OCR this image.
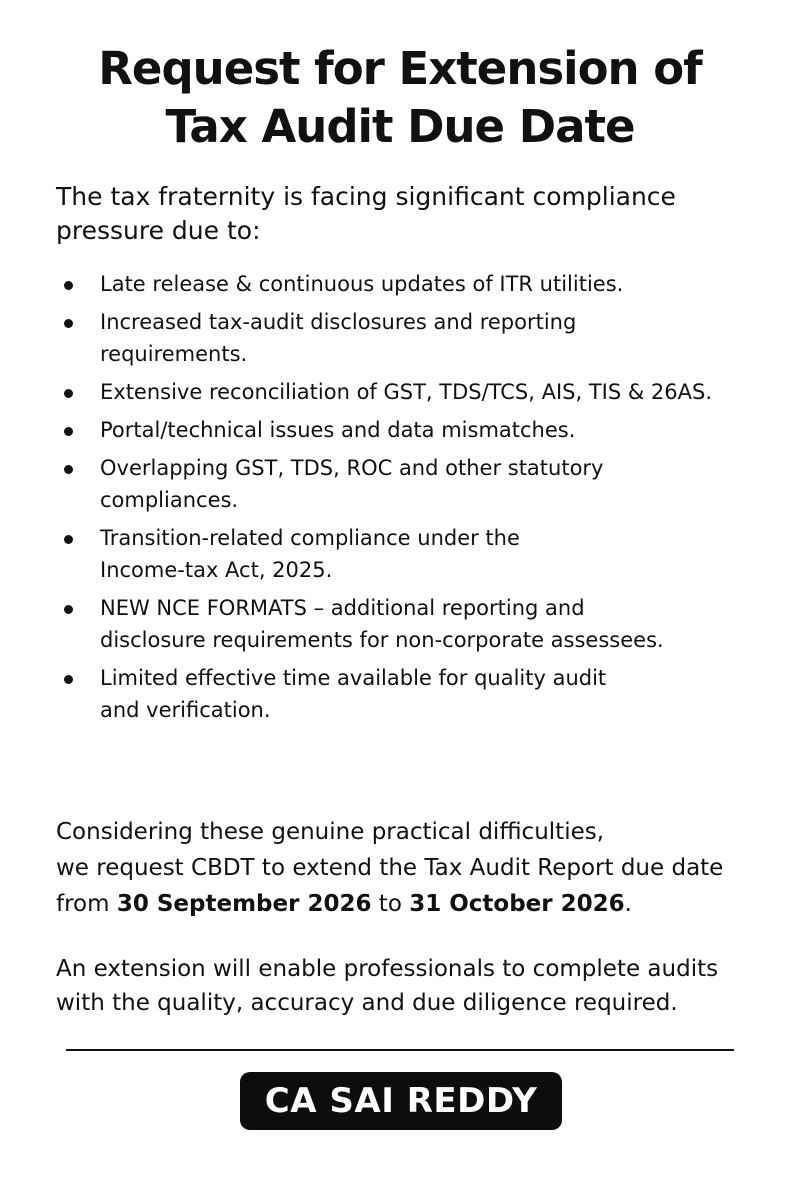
Request for Extension of
Tax Audit Due Date

The tax fraternity is facing significant compliance
pressure due to:

Late release & continuous updates of ITR utilities.
Increased tax-audit disclosures and reporting
requirements.
Extensive reconciliation of GST, TDS/TCS, AIS, TIS & 26AS.
Portal/technical issues and data mismatches.
Overlapping GST, TDS, ROC and other statutory
compliances.
Transition-related compliance under the
Income-tax Act, 2025.
NEW NCE FORMATS – additional reporting and
disclosure requirements for non-corporate assessees.
Limited effective time available for quality audit
and verification.

Considering these genuine practical difficulties,
we request CBDT to extend the Tax Audit Report due date
from 30 September 2026 to 31 October 2026.

An extension will enable professionals to complete audits
with the quality, accuracy and due diligence required.

CA SAI REDDY
